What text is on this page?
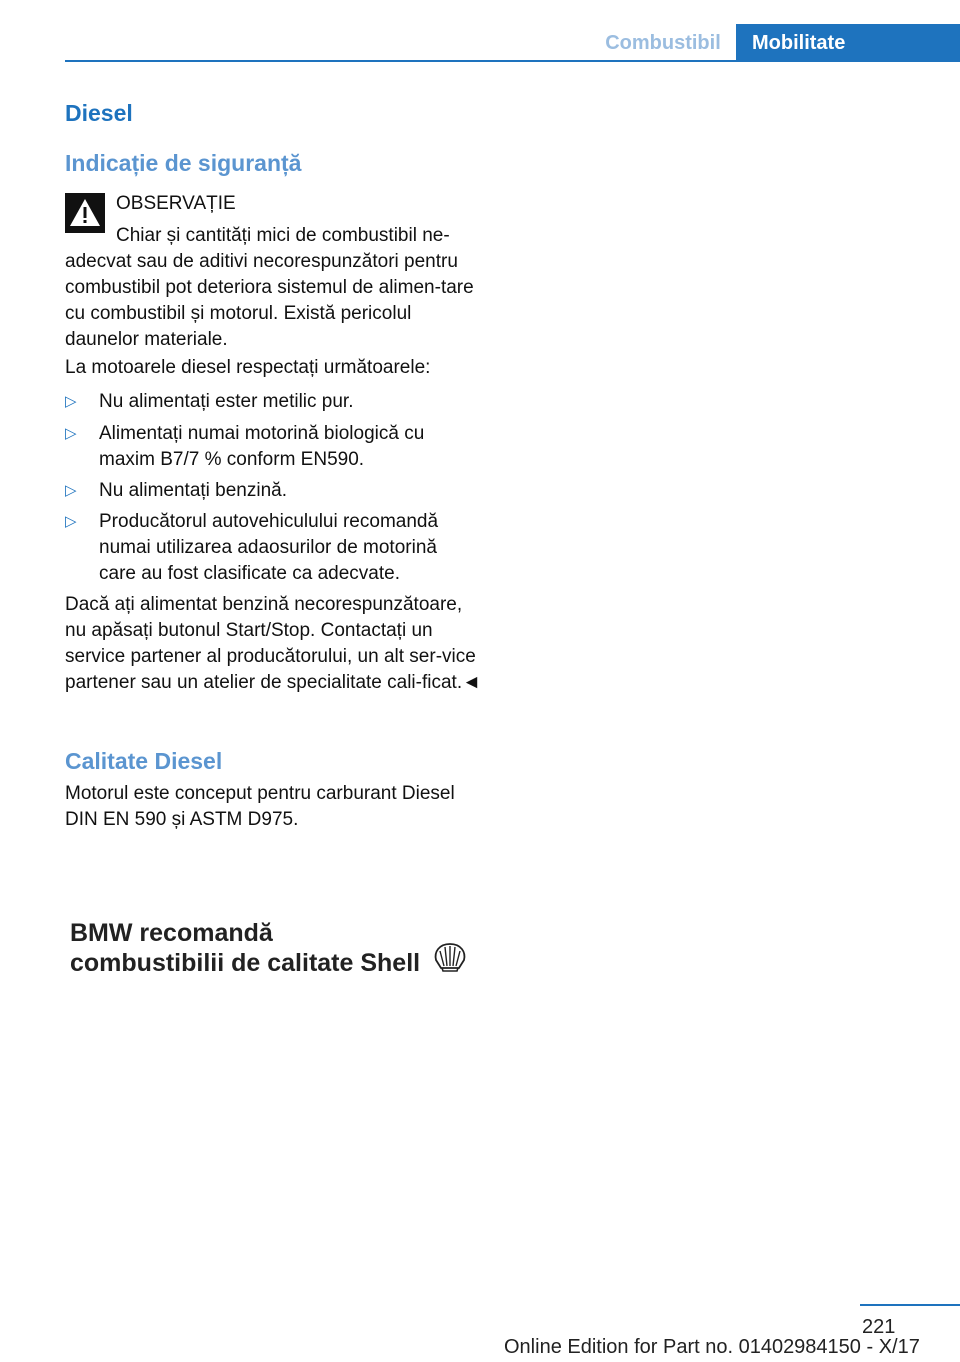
Combustibil	Mobilitate
Diesel
Indicație de siguranță
OBSERVAȚIE
Chiar și cantități mici de combustibil ne-
adecvat sau de aditivi necorespunzători pentru combustibil pot deteriora sistemul de alimen-tare cu combustibil și motorul. Există pericolul daunelor materiale.
La motoarele diesel respectați următoarele:
▷ Nu alimentați ester metilic pur.
▷ Alimentați numai motorină biologică cu maxim B7/7 % conform EN590.
▷ Nu alimentați benzină.
▷ Producătorul autovehiculului recomandă numai utilizarea adaosurilor de motorină care au fost clasificate ca adecvate.
Dacă ați alimentat benzină necorespunzătoare, nu apăsați butonul Start/Stop. Contactați un service partener al producătorului, un alt ser-vice partener sau un atelier de specialitate cali-ficat.◄
Calitate Diesel
Motorul este conceput pentru carburant Diesel DIN EN 590 și ASTM D975.
BMW recomandă
combustibilii de calitate Shell
221
Online Edition for Part no. 01402984150 - X/17
